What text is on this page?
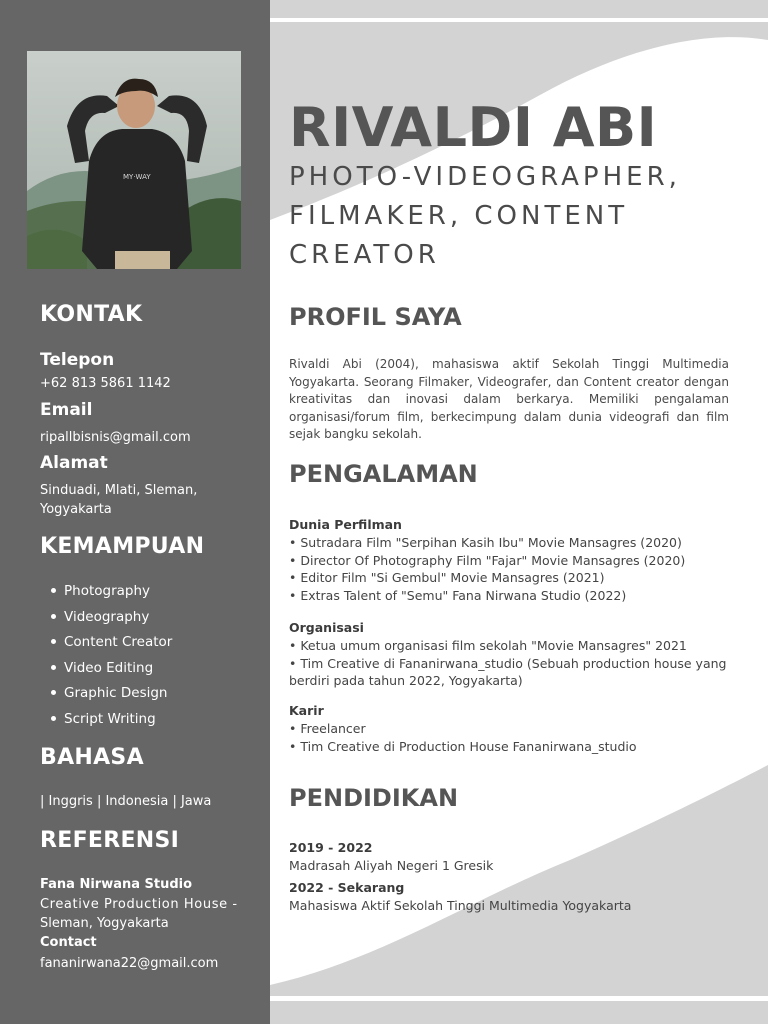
MY·WAY
KONTAK
Telepon
+62 813 5861 1142
Email
ripallbisnis@gmail.com
Alamat
Sinduadi, Mlati, Sleman,
Yogyakarta
KEMAMPUAN
Photography
Videography
Content Creator
Video Editing
Graphic Design
Script Writing
BAHASA
| Inggris | Indonesia | Jawa
REFERENSI
Fana Nirwana Studio
Creative Production House -
Sleman, Yogyakarta
Contact
fananirwana22@gmail.com
RIVALDI ABI
PHOTO-VIDEOGRAPHER,
FILMAKER, CONTENT
CREATOR
PROFIL SAYA
Rivaldi Abi (2004), mahasiswa aktif Sekolah Tinggi Multimedia Yogyakarta. Seorang Filmaker, Videografer, dan Content creator dengan kreativitas dan inovasi dalam berkarya. Memiliki pengalaman organisasi/forum film, berkecimpung dalam dunia videografi dan film sejak bangku sekolah.
PENGALAMAN
Dunia Perfilman
• Sutradara Film "Serpihan Kasih Ibu" Movie Mansagres (2020)
• Director Of Photography Film "Fajar" Movie Mansagres (2020)
• Editor Film "Si Gembul" Movie Mansagres (2021)
• Extras Talent of "Semu" Fana Nirwana Studio (2022)
Organisasi
• Ketua umum organisasi film sekolah "Movie Mansagres" 2021
• Tim Creative di Fananirwana_studio (Sebuah production house yang berdiri pada tahun 2022, Yogyakarta)
Karir
• Freelancer
• Tim Creative di Production House Fananirwana_studio
PENDIDIKAN
2019 - 2022
Madrasah Aliyah Negeri 1 Gresik
2022 - Sekarang
Mahasiswa Aktif Sekolah Tinggi Multimedia Yogyakarta
